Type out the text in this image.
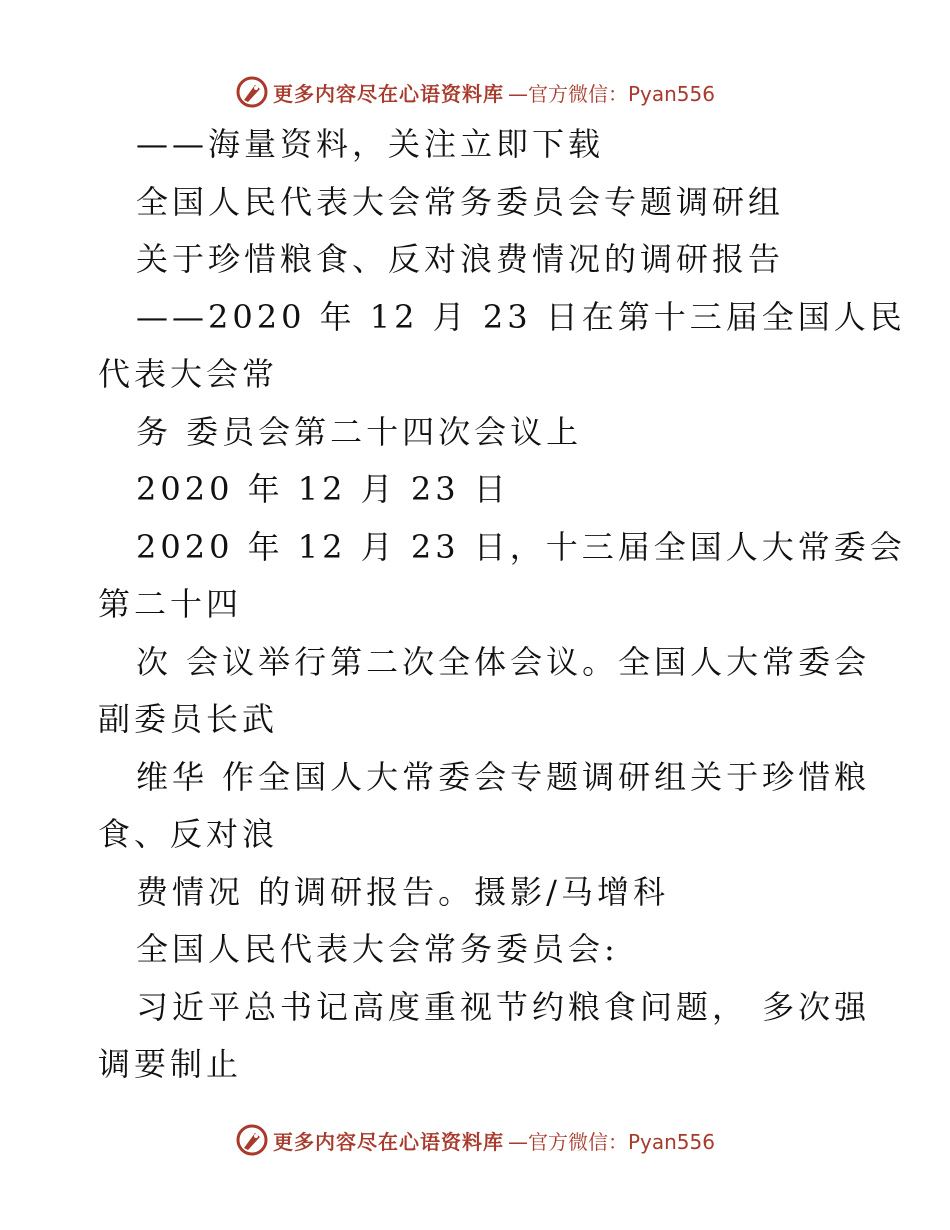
更多内容尽在心语资料库 —官方微信：Pyan556
——海量资料，关注立即下载
全国人民代表大会常务委员会专题调研组
关于珍惜粮食、反对浪费情况的调研报告
——2020 年 12 月 23 日在第十三届全国人民
代表大会常
务 委员会第二十四次会议上
2020 年 12 月 23 日
2020 年 12 月 23 日，十三届全国人大常委会
第二十四
次 会议举行第二次全体会议。全国人大常委会
副委员长武
维华 作全国人大常委会专题调研组关于珍惜粮
食、反对浪
费情况 的调研报告。摄影/马增科
全国人民代表大会常务委员会:
习近平总书记高度重视节约粮食问题， 多次强
调要制止
更多内容尽在心语资料库 —官方微信：Pyan556
